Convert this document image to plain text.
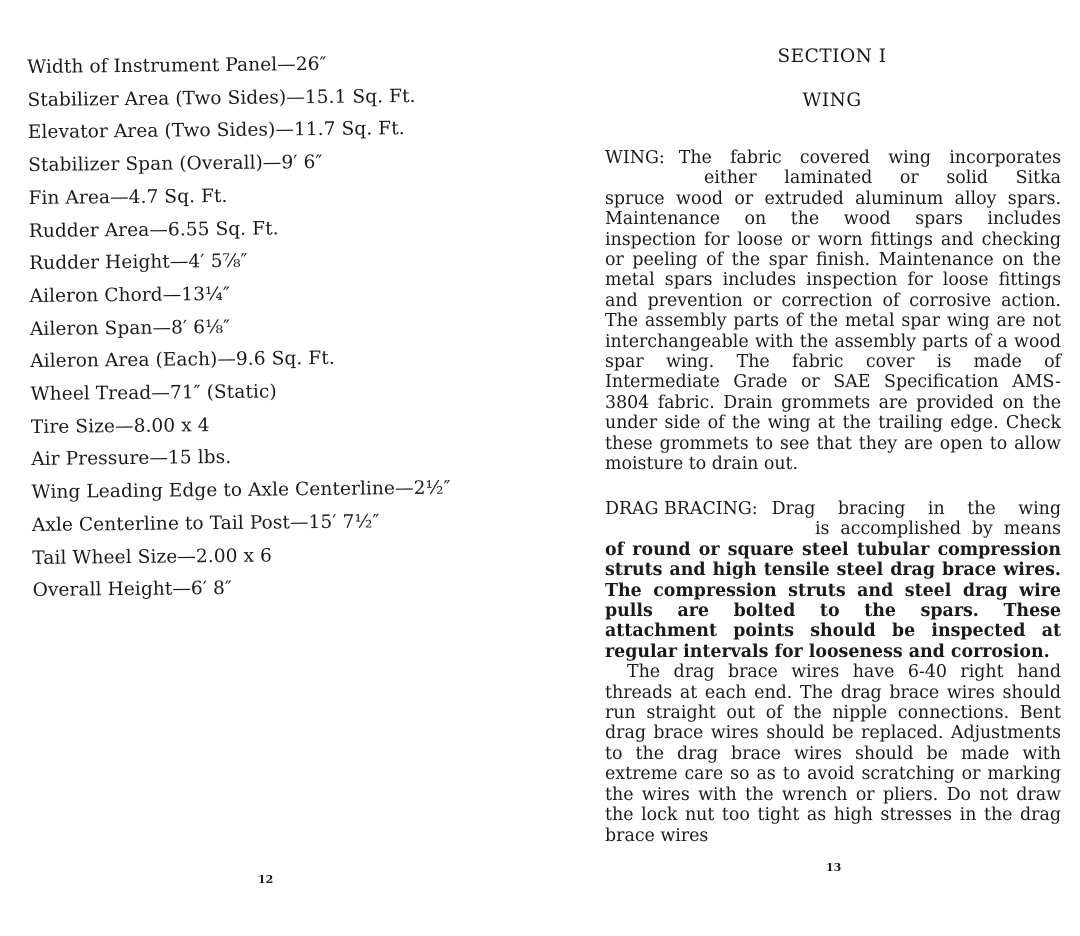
Width of Instrument Panel—26″
Stabilizer Area (Two Sides)—15.1 Sq. Ft.
Elevator Area (Two Sides)—11.7 Sq. Ft.
Stabilizer Span (Overall)—9′ 6″
Fin Area—4.7 Sq. Ft.
Rudder Area—6.55 Sq. Ft.
Rudder Height—4′ 5⅞″
Aileron Chord—13¼″
Aileron Span—8′ 6⅛″
Aileron Area (Each)—9.6 Sq. Ft.
Wheel Tread—71″ (Static)
Tire Size—8.00 x 4
Air Pressure—15 lbs.
Wing Leading Edge to Axle Centerline—2½″
Axle Centerline to Tail Post—15′ 7½″
Tail Wheel Size—2.00 x 6
Overall Height—6′ 8″
12
SECTION I
WING
WING: The fabric covered wing incorporates
either laminated or solid Sitka
spruce wood or extruded aluminum alloy spars. Maintenance on the wood spars includes inspection for loose or worn fittings and checking or peeling of the spar finish. Maintenance on the metal spars includes inspection for loose fittings and prevention or correction of corrosive action. The assembly parts of the metal spar wing are not interchangeable with the assembly parts of a wood spar wing. The fabric cover is made of Intermediate Grade or SAE Specification AMS-3804 fabric. Drain grommets are provided on the under side of the wing at the trailing edge. Check these grommets to see that they are open to allow moisture to drain out.
DRAG BRACING: Drag bracing in the wing
is accomplished by means
of round or square steel tubular compression struts and high tensile steel drag brace wires. The compression struts and steel drag wire pulls are bolted to the spars. These attachment points should be inspected at regular intervals for looseness and corrosion.
The drag brace wires have 6-40 right hand threads at each end. The drag brace wires should run straight out of the nipple connections. Bent drag brace wires should be replaced. Adjustments to the drag brace wires should be made with extreme care so as to avoid scratching or marking the wires with the wrench or pliers. Do not draw the lock nut too tight as high stresses in the drag brace wires
13
